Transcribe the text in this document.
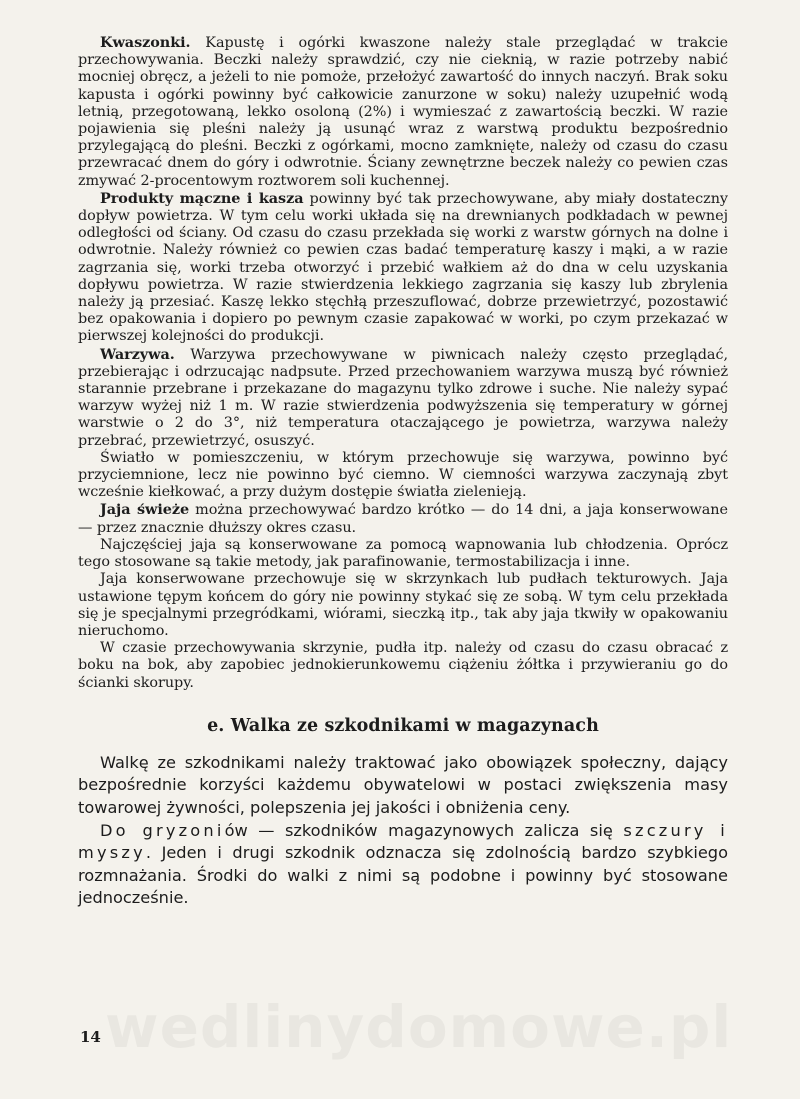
Kwaszonki. Kapustę i ogórki kwaszone należy stale przeglądać w trakcie przechowywania. Beczki należy sprawdzić, czy nie cieknią, w razie potrzeby nabić mocniej obręcz, a jeżeli to nie pomoże, przełożyć zawartość do innych naczyń. Brak soku kapusta i ogórki powinny być całkowicie zanurzone w soku) należy uzupełnić wodą letnią, przegotowaną, lekko osoloną (2%) i wymieszać z zawartością beczki. W razie pojawienia się pleśni należy ją usunąć wraz z warstwą produktu bezpośrednio przylegającą do pleśni. Beczki z ogórkami, mocno zamknięte, należy od czasu do czasu przewracać dnem do góry i odwrotnie. Ściany zewnętrzne beczek należy co pewien czas zmywać 2-procentowym roztworem soli kuchennej.

Produkty mączne i kasza powinny być tak przechowywane, aby miały dostateczny dopływ powietrza. W tym celu worki układa się na drewnianych podkładach w pewnej odległości od ściany. Od czasu do czasu przekłada się worki z warstw górnych na dolne i odwrotnie. Należy również co pewien czas badać temperaturę kaszy i mąki, a w razie zagrzania się, worki trzeba otworzyć i przebić wałkiem aż do dna w celu uzyskania dopływu powietrza. W razie stwierdzenia lekkiego zagrzania się kaszy lub zbrylenia należy ją przesiać. Kaszę lekko stęchłą przeszuflować, dobrze przewietrzyć, pozostawić bez opakowania i dopiero po pewnym czasie zapakować w worki, po czym przekazać w pierwszej kolejności do produkcji.

Warzywa. Warzywa przechowywane w piwnicach należy często przeglądać, przebierając i odrzucając nadpsute. Przed przechowaniem warzywa muszą być również starannie przebrane i przekazane do magazynu tylko zdrowe i suche. Nie należy sypać warzyw wyżej niż 1 m. W razie stwierdzenia podwyższenia się temperatury w górnej warstwie o 2 do 3°, niż temperatura otaczającego je powietrza, warzywa należy przebrać, przewietrzyć, osuszyć.

Światło w pomieszczeniu, w którym przechowuje się warzywa, powinno być przyciemnione, lecz nie powinno być ciemno. W ciemności warzywa zaczynają zbyt wcześnie kiełkować, a przy dużym dostępie światła zielenieją.

Jaja świeże można przechowywać bardzo krótko — do 14 dni, a jaja konserwowane — przez znacznie dłuższy okres czasu.

Najczęściej jaja są konserwowane za pomocą wapnowania lub chłodzenia. Oprócz tego stosowane są takie metody, jak parafinowanie, termostabilizacja i inne.

Jaja konserwowane przechowuje się w skrzynkach lub pudłach tekturowych. Jaja ustawione tępym końcem do góry nie powinny stykać się ze sobą. W tym celu przekłada się je specjalnymi przegródkami, wiórami, sieczką itp., tak aby jaja tkwiły w opakowaniu nieruchomo.

W czasie przechowywania skrzynie, pudła itp. należy od czasu do czasu obracać z boku na bok, aby zapobiec jednokierunkowemu ciążeniu żółtka i przywieraniu go do ścianki skorupy.

e. Walka ze szkodnikami w magazynach

Walkę ze szkodnikami należy traktować jako obowiązek społeczny, dający bezpośrednie korzyści każdemu obywatelowi w postaci zwiększenia masy towarowej żywności, polepszenia jej jakości i obniżenia ceny.

Do gryzoniów — szkodników magazynowych zalicza się szczury i myszy. Jeden i drugi szkodnik odznacza się zdolnością bardzo szybkiego rozmnażania. Środki do walki z nimi są podobne i powinny być stosowane jednocześnie.

14
